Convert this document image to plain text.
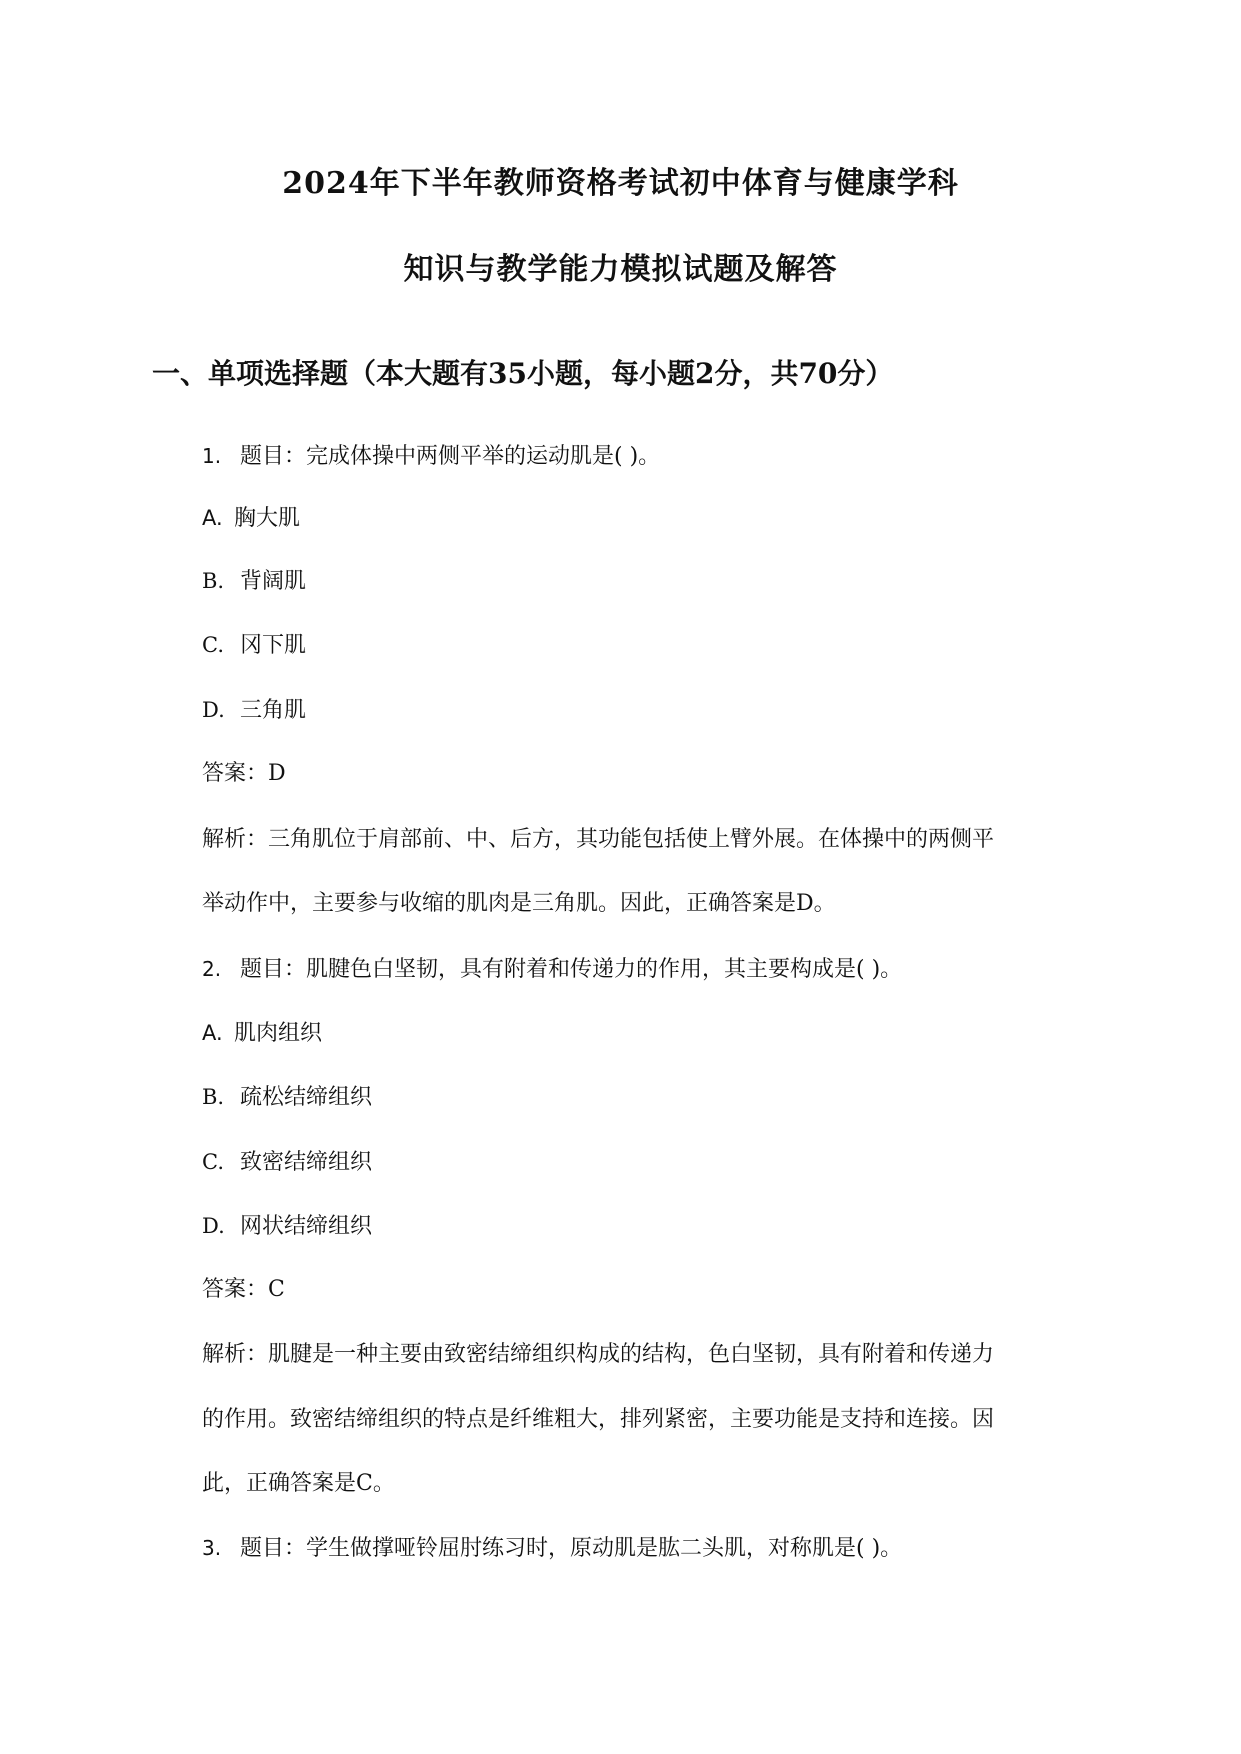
2024年下半年教师资格考试初中体育与健康学科
知识与教学能力模拟试题及解答
一、单项选择题（本大题有35小题，每小题2分，共70分）
1. 题目：完成体操中两侧平举的运动肌是( )。
A. 胸大肌
B. 背阔肌
C. 冈下肌
D. 三角肌
答案：D
解析：三角肌位于肩部前、中、后方，其功能包括使上臂外展。在体操中的两侧平
举动作中，主要参与收缩的肌肉是三角肌。因此，正确答案是D。
2. 题目：肌腱色白坚韧，具有附着和传递力的作用，其主要构成是( )。
A. 肌肉组织
B. 疏松结缔组织
C. 致密结缔组织
D. 网状结缔组织
答案：C
解析：肌腱是一种主要由致密结缔组织构成的结构，色白坚韧，具有附着和传递力
的作用。致密结缔组织的特点是纤维粗大，排列紧密，主要功能是支持和连接。因
此，正确答案是C。
3. 题目：学生做撑哑铃屈肘练习时，原动肌是肱二头肌，对称肌是( )。
